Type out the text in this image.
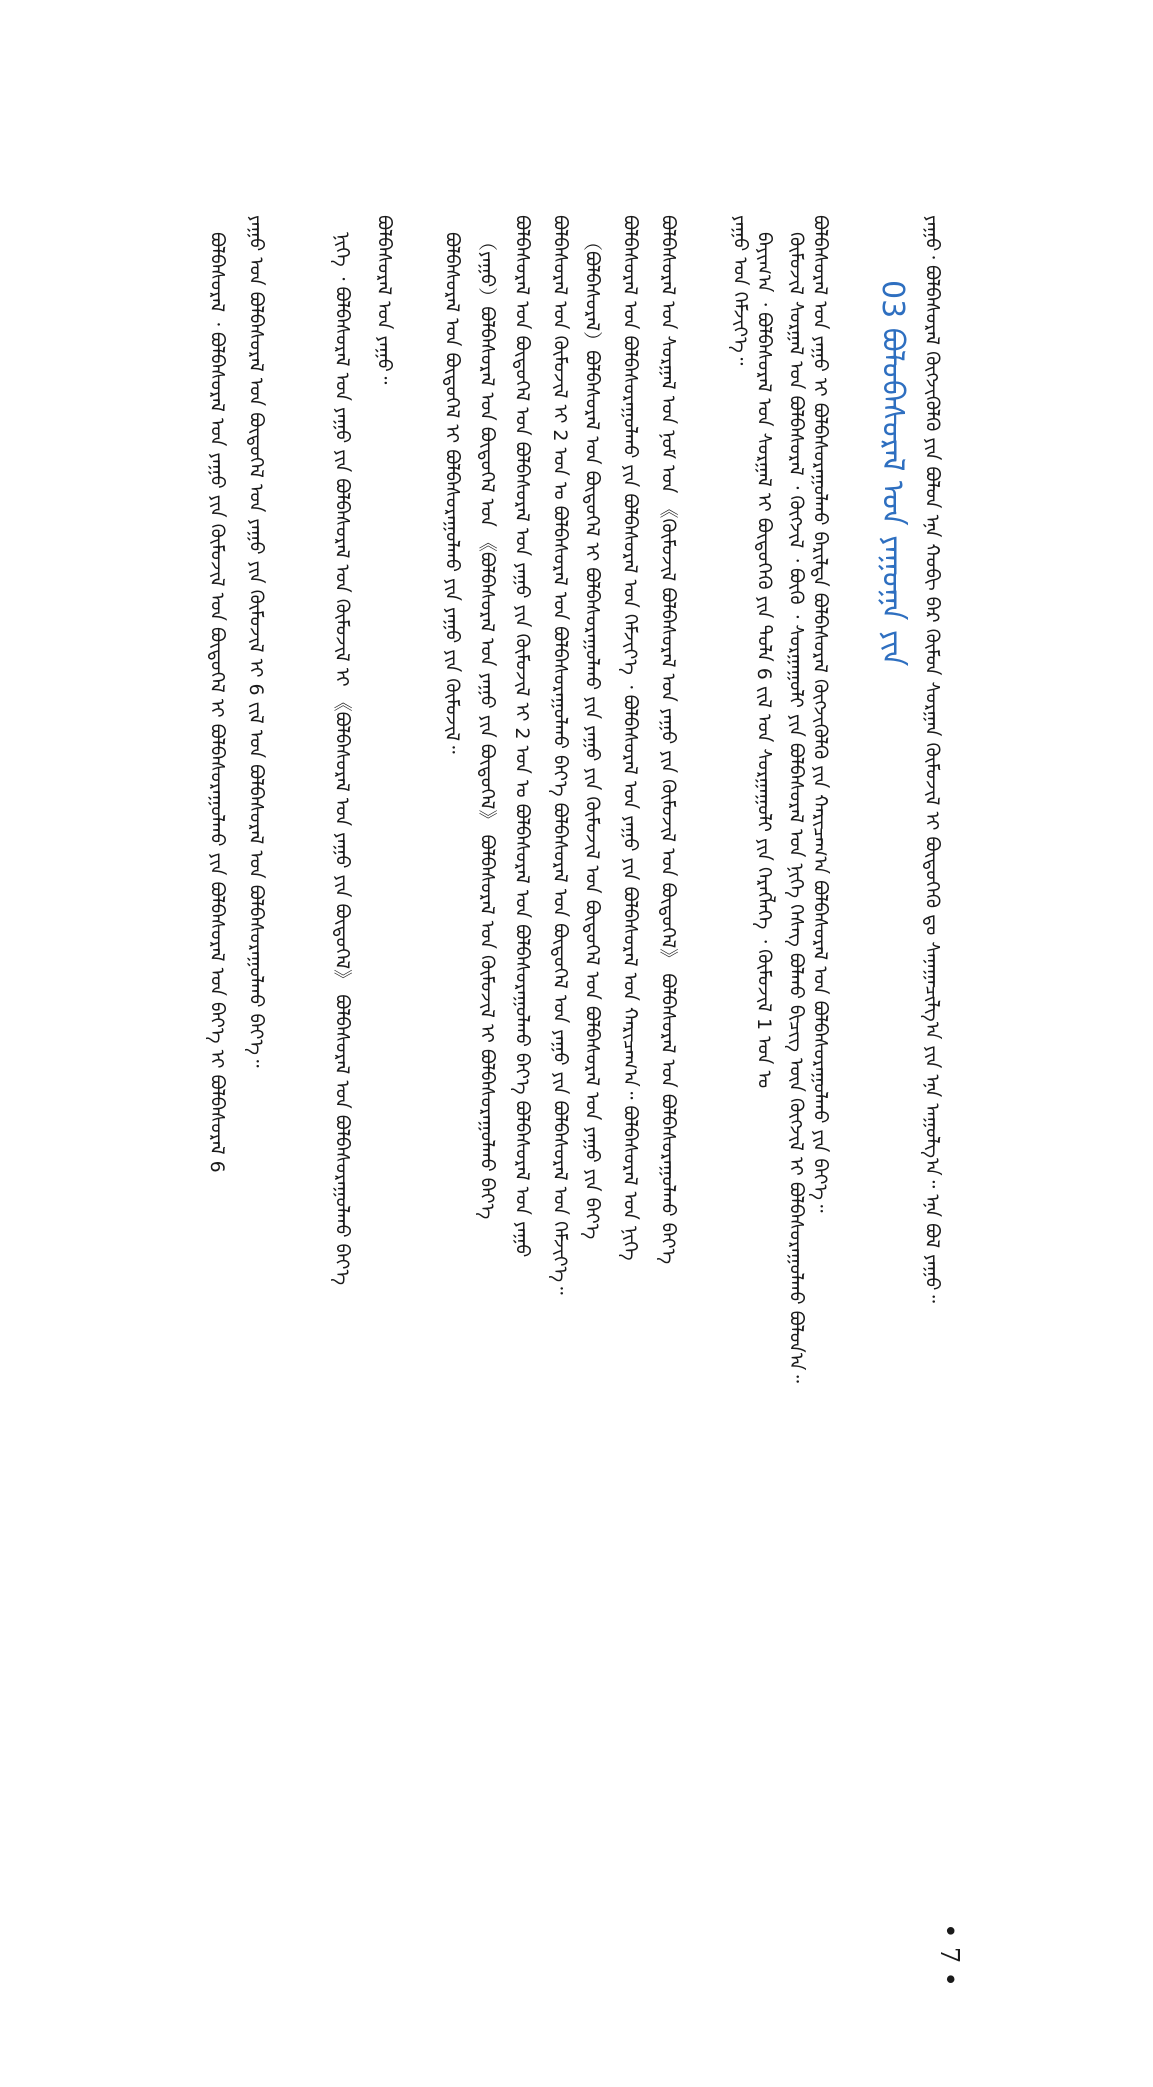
ᠶᠠᠭᠤ᠂ ᠪᠣᠯᠪᠠᠰᠤᠷᠠᠯ ᠬᠥᠭᠵᠢᠭᠦᠯᠬᠦ ᠶᠢᠨ ᠪᠣᠯᠣᠨ ᠡᠨᠡ ᠬᠤᠪᠢ ᠪᠠᠷ ᠬᠥᠮᠦᠨ ᠰᠤᠷᠭᠠᠨ ᠬᠦᠮᠦᠵᠢᠯ ᠢ ᠪᠦᠲᠦᠭᠡᠬᠦ ᠳᠤ ᠰᠠᠨᠠᠭᠠᠴᠢᠯᠭ᠎ᠠ ᠶᠢᠨ ᠡᠨᠡ ᠠᠭᠤᠯᠭ᠎ᠠ᠃ ᠡᠨᠡ ᠪᠣᠯ ᠶᠠᠭᠤ᠃
03 ᠪᠣᠯᠣᠪᠠᠰᠤᠷᠠᠯ ᠤᠨ ᠶᠠᠭᠤᠭᠠ ᠶᠢᠨ
ᠪᠣᠯᠪᠠᠰᠤᠷᠠᠯ ᠤᠨ ᠶᠠᠭᠤ ᠢ ᠪᠣᠯᠪᠠᠰᠤᠷᠠᠭᠤᠯᠬᠤ ᠪᠠᠷᠢᠯᠲᠠ ᠪᠣᠯᠪᠠᠰᠤᠷᠠᠯ ᠬᠥᠭᠵᠢᠭᠦᠯᠬᠦ ᠶᠢᠨ ᠬᠠᠷᠢᠴᠠᠭ᠎ᠠ ᠪᠣᠯᠪᠠᠰᠤᠷᠠᠯ ᠤᠨ ᠪᠣᠯᠪᠠᠰᠤᠷᠠᠭᠤᠯᠬᠤ ᠶᠢᠨ ᠪᠡᠶ᠎ᠡ᠃
ᠬᠦᠮᠦᠵᠢᠯ ᠰᠤᠷᠭᠠᠯ ᠤᠨ ᠪᠣᠯᠪᠠᠰᠤᠷᠠᠯ ᠂ ᠬᠥᠭᠵᠢᠯ ᠂ ᠪᠦᠬᠦ ᠂ ᠰᠤᠷᠭᠠᠭᠤᠯᠢ ᠶᠢᠨ ᠪᠣᠯᠪᠠᠰᠤᠷᠠᠯ ᠤᠨ ᠨᠢᠭᠡ ᠬᠡᠰᠡᠭ ᠪᠣᠯᠬᠤ ᠪᠢᠴᠢᠭ ᠦᠨ ᠬᠥᠭᠵᠢᠯ ᠢ ᠪᠣᠯᠪᠠᠰᠤᠷᠠᠭᠤᠯᠬᠤ ᠪᠣᠯᠣᠨ᠎ᠠ᠃
ᠪᠠᠶᠢᠭ᠎ᠠ ᠂ ᠪᠣᠯᠪᠠᠰᠤᠷᠠᠯ ᠤᠨ ᠰᠤᠷᠭᠠᠯ ᠢ ᠪᠦᠲᠦᠭᠡᠬᠦ ᠶᠢᠨ ᠲᠤᠯᠠ 6 ᠵᠢᠯ ᠤᠨ ᠰᠤᠷᠭᠠᠭᠤᠯᠢ ᠶᠢᠨ ᠬᠡᠷᠡᠭᠯᠡᠭᠡ ᠂ ᠬᠦᠮᠦᠵᠢᠯ 1 ᠤᠨ ᠤ
ᠶᠠᠭᠤ ᠤᠨ ᠬᠡᠮᠵᠢᠶ᠎ᠡ᠃
ᠪᠣᠯᠪᠠᠰᠤᠷᠠᠯ ᠤᠨ ᠰᠤᠷᠭᠠᠯ ᠤᠨ ᠨᠣᠮ ᠤᠨ 《ᠬᠦᠮᠦᠵᠢᠯ ᠪᠣᠯᠪᠠᠰᠤᠷᠠᠯ ᠤᠨ ᠶᠠᠭᠤ ᠶᠢᠨ ᠬᠦᠮᠦᠵᠢᠯ ᠤᠨ ᠪᠦᠲᠦᠭᠡᠯ》 ᠪᠣᠯᠪᠠᠰᠤᠷᠠᠯ ᠤᠨ ᠪᠣᠯᠪᠠᠰᠤᠷᠠᠭᠤᠯᠬᠤ ᠪᠡᠶ᠎ᠡ
ᠪᠣᠯᠪᠠᠰᠤᠷᠠᠯ ᠤᠨ ᠪᠣᠯᠪᠠᠰᠤᠷᠠᠭᠤᠯᠬᠤ ᠶᠢᠨ ᠪᠣᠯᠪᠠᠰᠤᠷᠠᠯ ᠤᠨ ᠬᠡᠮᠵᠢᠶ᠎ᠡ ᠂ ᠪᠣᠯᠪᠠᠰᠤᠷᠠᠯ ᠤᠨ ᠶᠠᠭᠤ ᠶᠢᠨ ᠪᠣᠯᠪᠠᠰᠤᠷᠠᠯ ᠤᠨ ᠬᠠᠷᠢᠴᠠᠭ᠎ᠠ᠃ ᠪᠣᠯᠪᠠᠰᠤᠷᠠᠯ ᠤᠨ ᠨᠢᠭᠡ
（ᠪᠣᠯᠪᠠᠰᠤᠷᠠᠯ）ᠪᠣᠯᠪᠠᠰᠤᠷᠠᠯ ᠤᠨ ᠪᠦᠲᠦᠭᠡᠯ ᠢ ᠪᠣᠯᠪᠠᠰᠤᠷᠠᠭᠤᠯᠬᠤ ᠶᠢᠨ ᠶᠠᠭᠤ ᠶᠢᠨ ᠬᠦᠮᠦᠵᠢᠯ ᠤᠨ ᠪᠦᠲᠦᠭᠡᠯ ᠤᠨ ᠪᠣᠯᠪᠠᠰᠤᠷᠠᠯ ᠤᠨ ᠶᠠᠭᠤ ᠶᠢᠨ ᠪᠡᠶ᠎ᠡ
ᠪᠣᠯᠪᠠᠰᠤᠷᠠᠯ ᠤᠨ ᠬᠦᠮᠦᠵᠢᠯ ᠢ 2 ᠣᠨ ᠤ ᠪᠣᠯᠪᠠᠰᠤᠷᠠᠯ ᠤᠨ ᠪᠣᠯᠪᠠᠰᠤᠷᠠᠭᠤᠯᠬᠤ ᠪᠡᠶ᠎ᠡ ᠪᠣᠯᠪᠠᠰᠤᠷᠠᠯ ᠤᠨ ᠪᠦᠲᠦᠭᠡᠯ ᠤᠨ ᠶᠠᠭᠤ ᠶᠢᠨ ᠪᠣᠯᠪᠠᠰᠤᠷᠠᠯ ᠤᠨ ᠬᠡᠮᠵᠢᠶ᠎ᠡ᠃
ᠪᠣᠯᠪᠠᠰᠤᠷᠠᠯ ᠤᠨ ᠪᠦᠲᠦᠭᠡᠯ ᠤᠨ ᠪᠣᠯᠪᠠᠰᠤᠷᠠᠯ ᠤᠨ ᠶᠠᠭᠤ ᠶᠢᠨ ᠬᠦᠮᠦᠵᠢᠯ ᠢ 2 ᠣᠨ ᠤ ᠪᠣᠯᠪᠠᠰᠤᠷᠠᠯ ᠤᠨ ᠪᠣᠯᠪᠠᠰᠤᠷᠠᠭᠤᠯᠬᠤ ᠪᠡᠶ᠎ᠡ ᠪᠣᠯᠪᠠᠰᠤᠷᠠᠯ ᠤᠨ ᠶᠠᠭᠤ
（ᠶᠠᠭᠤ）ᠪᠣᠯᠪᠠᠰᠤᠷᠠᠯ ᠤᠨ ᠪᠦᠲᠦᠭᠡᠯ ᠤᠨ 《ᠪᠣᠯᠪᠠᠰᠤᠷᠠᠯ ᠤᠨ ᠶᠠᠭᠤ ᠶᠢᠨ ᠪᠦᠲᠦᠭᠡᠯ》 ᠪᠣᠯᠪᠠᠰᠤᠷᠠᠯ ᠤᠨ ᠬᠦᠮᠦᠵᠢᠯ ᠢ ᠪᠣᠯᠪᠠᠰᠤᠷᠠᠭᠤᠯᠬᠤ ᠪᠡᠶ᠎ᠡ
ᠪᠣᠯᠪᠠᠰᠤᠷᠠᠯ ᠤᠨ ᠪᠦᠲᠦᠭᠡᠯ ᠢ ᠪᠣᠯᠪᠠᠰᠤᠷᠠᠭᠤᠯᠬᠤ ᠶᠢᠨ ᠶᠠᠭᠤ ᠶᠢᠨ ᠬᠦᠮᠦᠵᠢᠯ᠃
ᠪᠣᠯᠪᠠᠰᠤᠷᠠᠯ ᠤᠨ ᠶᠠᠭᠤ᠃
ᠨᠢᠭᠡ ᠂ ᠪᠣᠯᠪᠠᠰᠤᠷᠠᠯ ᠤᠨ ᠶᠠᠭᠤ ᠶᠢᠨ ᠪᠣᠯᠪᠠᠰᠤᠷᠠᠯ ᠤᠨ ᠬᠦᠮᠦᠵᠢᠯ ᠢ 《ᠪᠣᠯᠪᠠᠰᠤᠷᠠᠯ ᠤᠨ ᠶᠠᠭᠤ ᠶᠢᠨ ᠪᠦᠲᠦᠭᠡᠯ》 ᠪᠣᠯᠪᠠᠰᠤᠷᠠᠯ ᠤᠨ ᠪᠣᠯᠪᠠᠰᠤᠷᠠᠭᠤᠯᠬᠤ ᠪᠡᠶ᠎ᠡ
ᠶᠠᠭᠤ ᠤᠨ ᠪᠣᠯᠪᠠᠰᠤᠷᠠᠯ ᠤᠨ ᠪᠦᠲᠦᠭᠡᠯ ᠤᠨ ᠶᠠᠭᠤ ᠶᠢᠨ ᠬᠦᠮᠦᠵᠢᠯ ᠢ 6 ᠵᠢᠯ ᠤᠨ ᠪᠣᠯᠪᠠᠰᠤᠷᠠᠯ ᠤᠨ ᠪᠣᠯᠪᠠᠰᠤᠷᠠᠭᠤᠯᠬᠤ ᠪᠡᠶ᠎ᠡ᠃
ᠪᠣᠯᠪᠠᠰᠤᠷᠠᠯ ᠂ ᠪᠣᠯᠪᠠᠰᠤᠷᠠᠯ ᠤᠨ ᠶᠠᠭᠤ ᠶᠢᠨ ᠬᠦᠮᠦᠵᠢᠯ ᠤᠨ ᠪᠦᠲᠦᠭᠡᠯ ᠢ ᠪᠣᠯᠪᠠᠰᠤᠷᠠᠭᠤᠯᠬᠤ ᠶᠢᠨ ᠪᠣᠯᠪᠠᠰᠤᠷᠠᠯ ᠤᠨ ᠪᠡᠶ᠎ᠡ ᠢ ᠪᠣᠯᠪᠠᠰᠤᠷᠠᠯ 6
• 7 •
